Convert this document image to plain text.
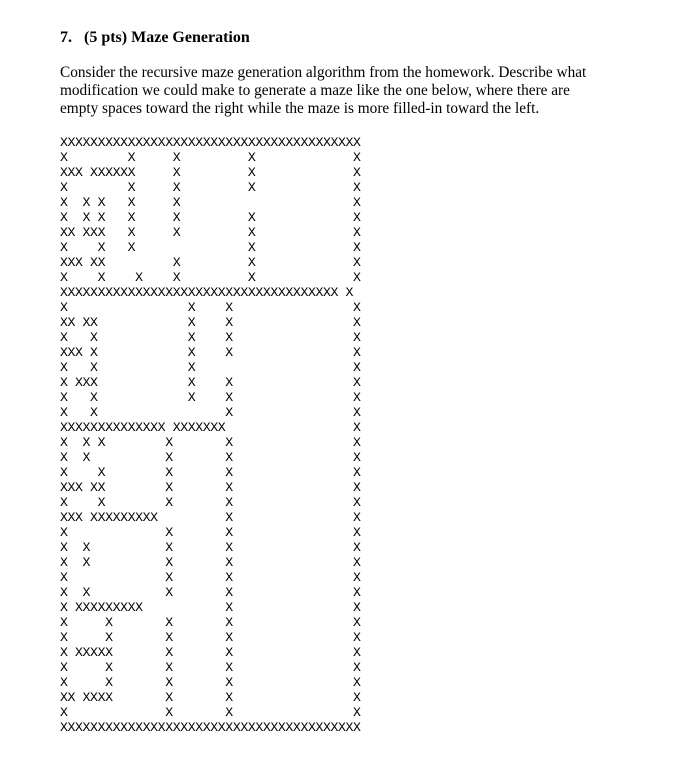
7. (5 pts) Maze Generation
Consider the recursive maze generation algorithm from the homework. Describe what
modification we could make to generate a maze like the one below, where there are
empty spaces toward the right while the maze is more filled-in toward the left.
XXXXXXXXXXXXXXXXXXXXXXXXXXXXXXXXXXXXXXXX
X        X     X         X             X
XXX XXXXXX     X         X             X
X        X     X         X             X
X  X X   X     X                       X
X  X X   X     X         X             X
XX XXX   X     X         X             X
X    X   X               X             X
XXX XX         X         X             X
X    X    X    X         X             X
XXXXXXXXXXXXXXXXXXXXXXXXXXXXXXXXXXXXX X
X                X    X                X
XX XX            X    X                X
X   X            X    X                X
XXX X            X    X                X
X   X            X                     X
X XXX            X    X                X
X   X            X    X                X
X   X                 X                X
XXXXXXXXXXXXXX XXXXXXX                 X
X  X X        X       X                X
X  X          X       X                X
X    X        X       X                X
XXX XX        X       X                X
X    X        X       X                X
XXX XXXXXXXXX         X                X
X             X       X                X
X  X          X       X                X
X  X          X       X                X
X             X       X                X
X  X          X       X                X
X XXXXXXXXX           X                X
X     X       X       X                X
X     X       X       X                X
X XXXXX       X       X                X
X     X       X       X                X
X     X       X       X                X
XX XXXX       X       X                X
X             X       X                X
XXXXXXXXXXXXXXXXXXXXXXXXXXXXXXXXXXXXXXXX
